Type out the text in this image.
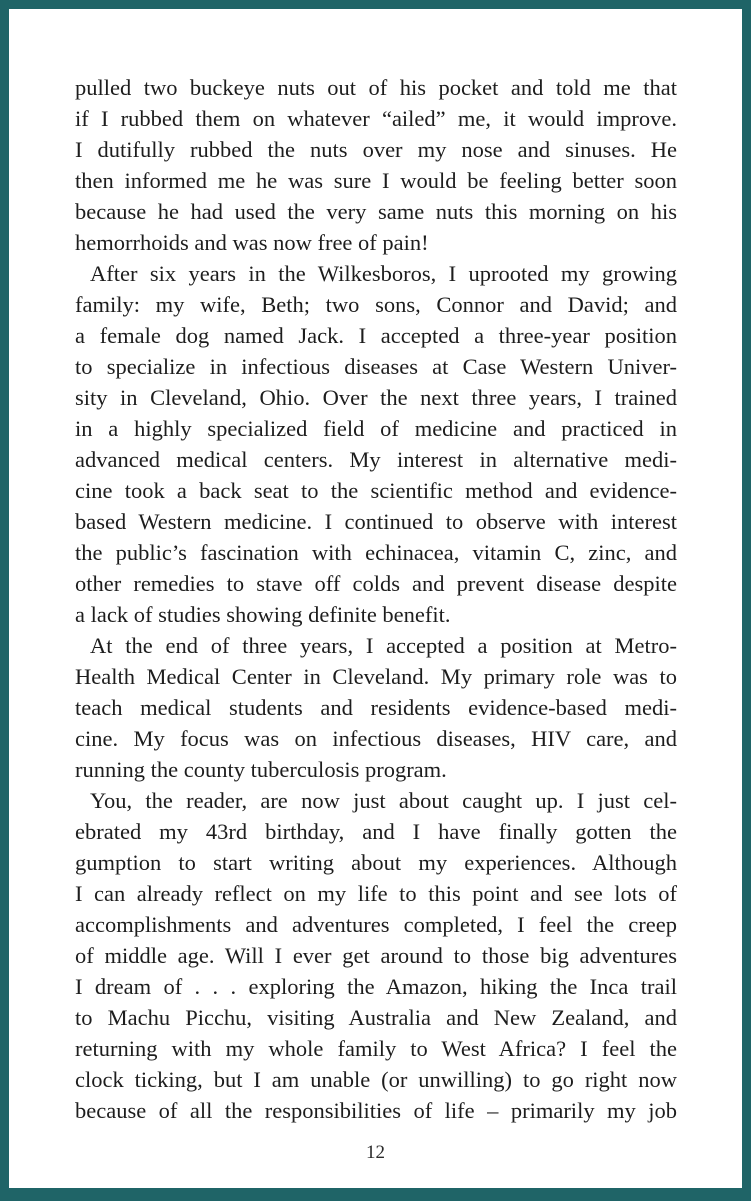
pulled two buckeye nuts out of his pocket and told me that
if I rubbed them on whatever “ailed” me, it would improve.
I dutifully rubbed the nuts over my nose and sinuses. He
then informed me he was sure I would be feeling better soon
because he had used the very same nuts this morning on his
hemorrhoids and was now free of pain!
After six years in the Wilkesboros, I uprooted my growing
family: my wife, Beth; two sons, Connor and David; and
a female dog named Jack. I accepted a three-year position
to specialize in infectious diseases at Case Western Univer-
sity in Cleveland, Ohio. Over the next three years, I trained
in a highly specialized field of medicine and practiced in
advanced medical centers. My interest in alternative medi-
cine took a back seat to the scientific method and evidence-
based Western medicine. I continued to observe with interest
the public’s fascination with echinacea, vitamin C, zinc, and
other remedies to stave off colds and prevent disease despite
a lack of studies showing definite benefit.
At the end of three years, I accepted a position at Metro-
Health Medical Center in Cleveland. My primary role was to
teach medical students and residents evidence-based medi-
cine. My focus was on infectious diseases, HIV care, and
running the county tuberculosis program.
You, the reader, are now just about caught up. I just cel-
ebrated my 43rd birthday, and I have finally gotten the
gumption to start writing about my experiences. Although
I can already reflect on my life to this point and see lots of
accomplishments and adventures completed, I feel the creep
of middle age. Will I ever get around to those big adventures
I dream of . . . exploring the Amazon, hiking the Inca trail
to Machu Picchu, visiting Australia and New Zealand, and
returning with my whole family to West Africa? I feel the
clock ticking, but I am unable (or unwilling) to go right now
because of all the responsibilities of life – primarily my job
12
